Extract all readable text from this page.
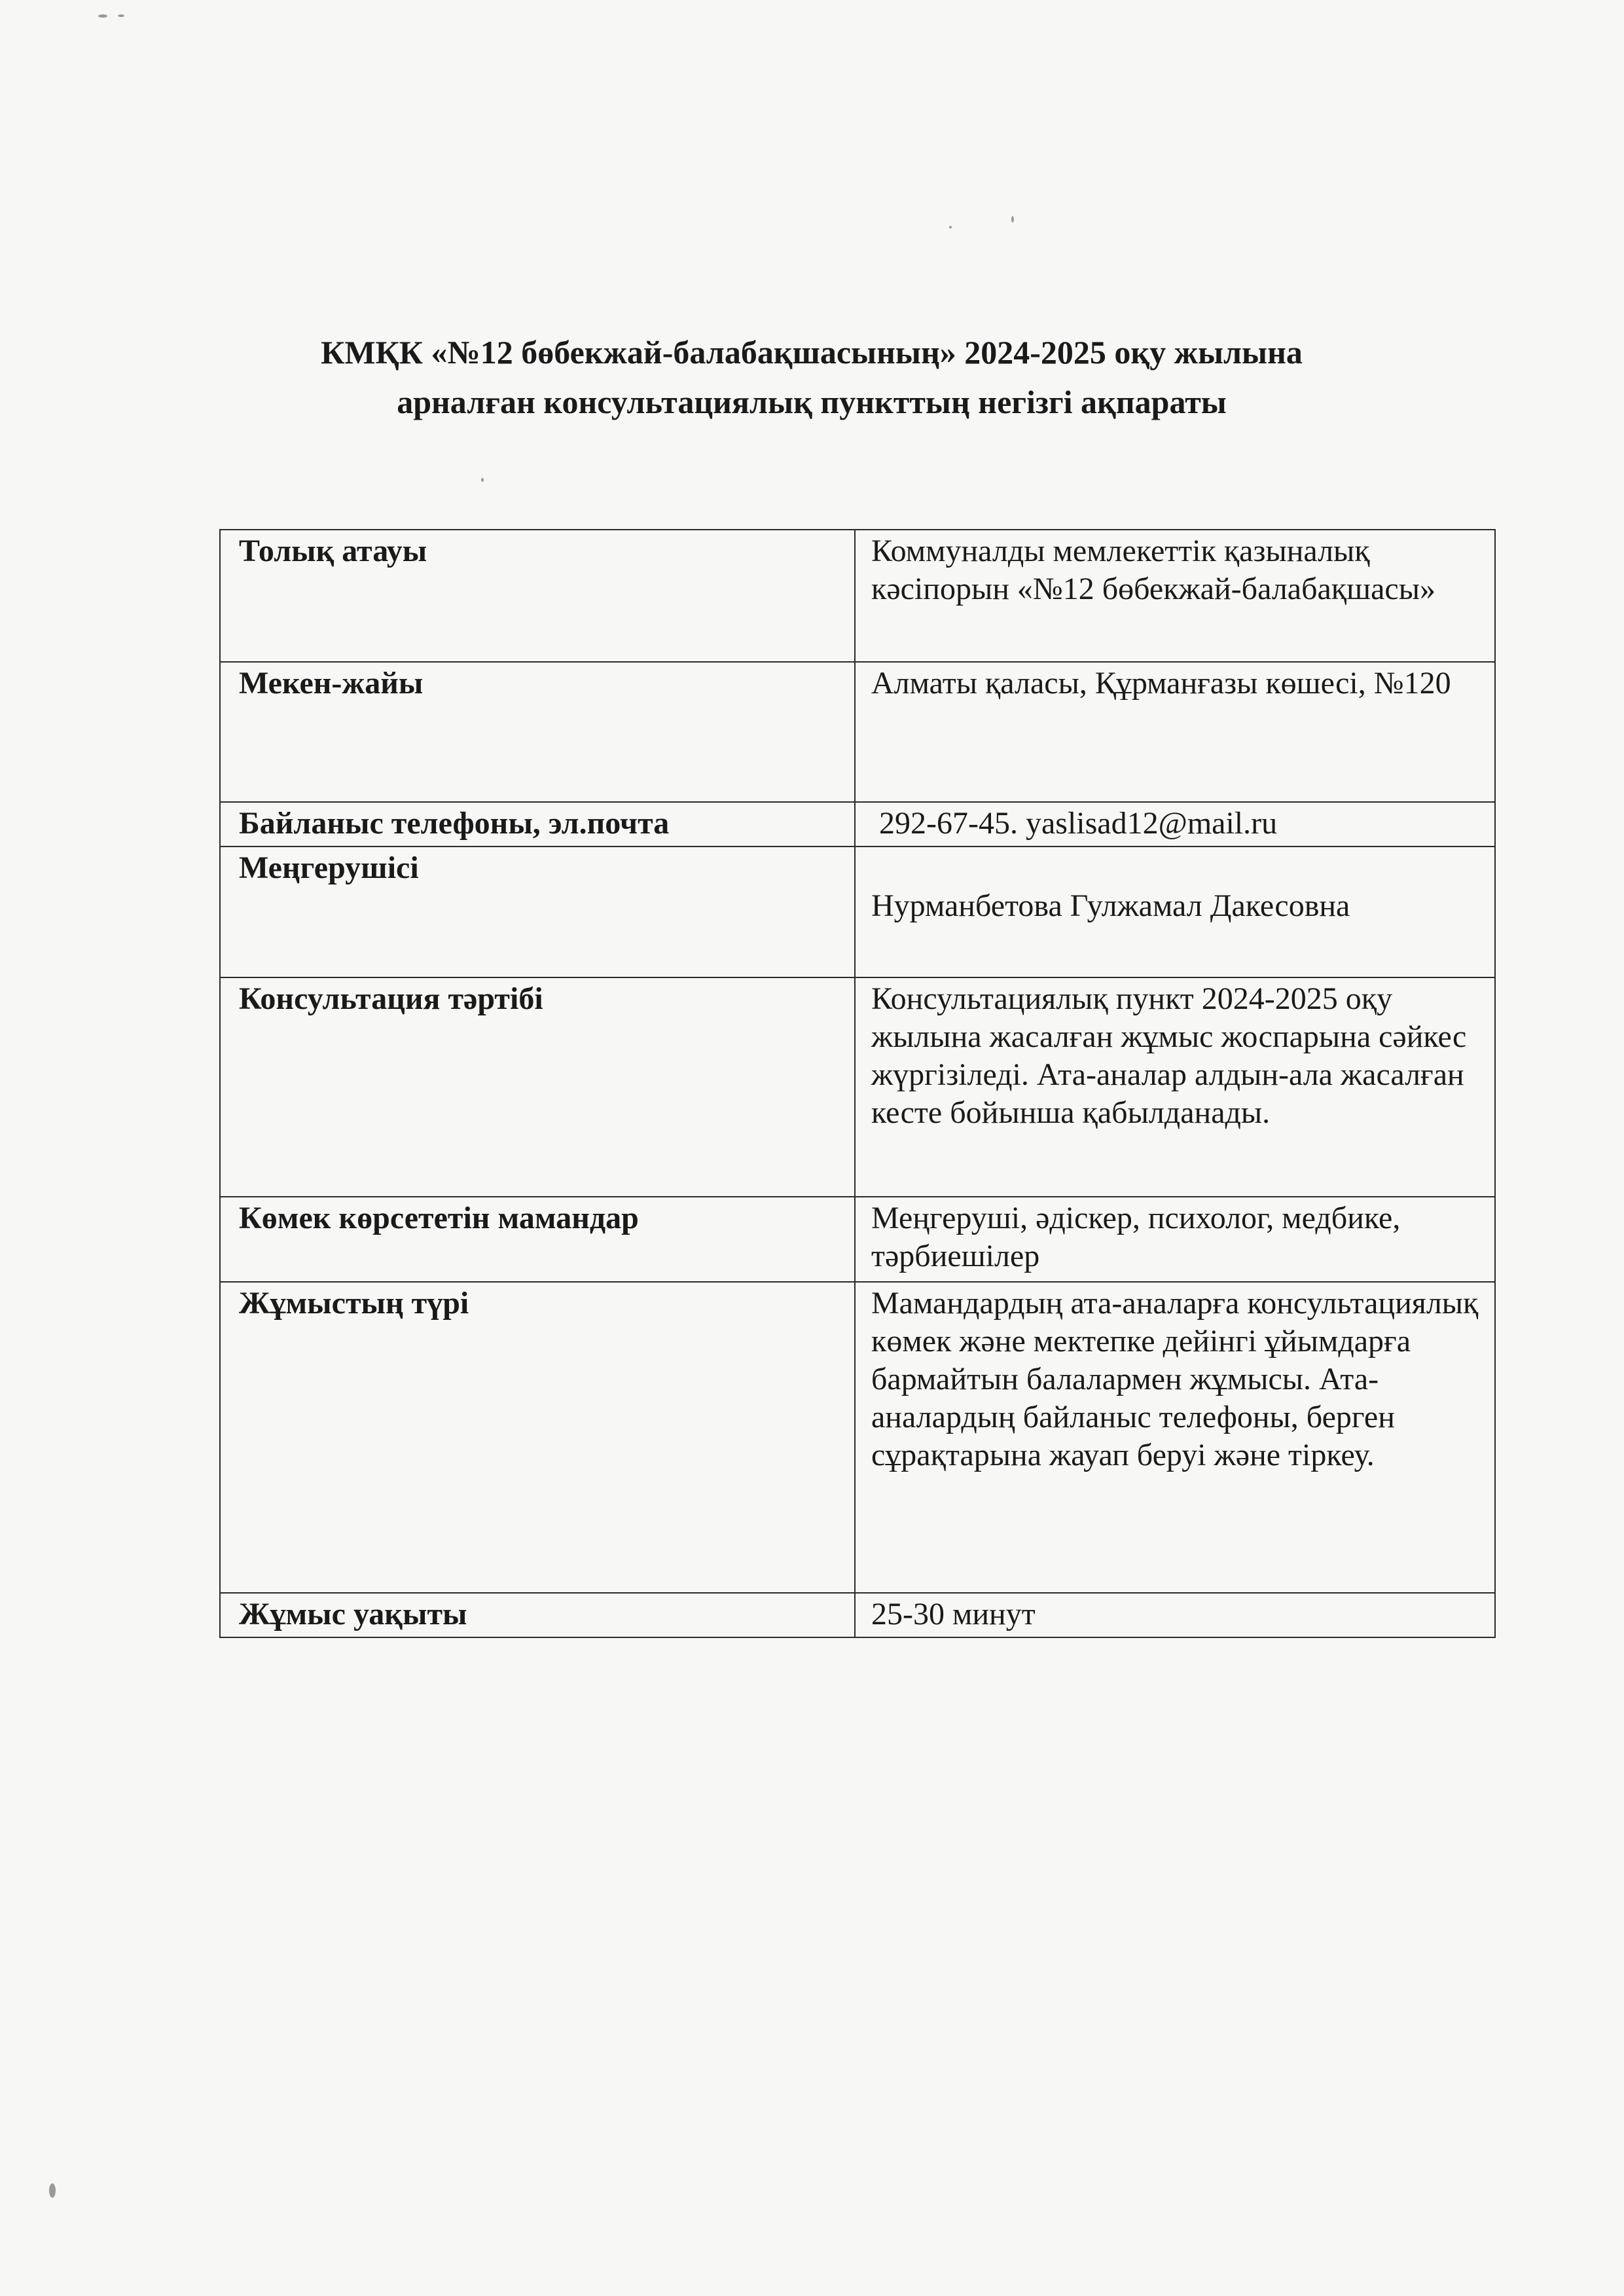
КМҚК «№12 бөбекжай-балабақшасының» 2024-2025 оқу жылына
арналған консультациялық пункттың негізгі ақпараты
Толық атауы	Коммуналды мемлекеттік қазыналық кәсіпорын «№12 бөбекжай-балабақшасы»
Мекен-жайы	Алматы қаласы, Құрманғазы көшесі, №120
Байланыс телефоны, эл.почта	292-67-45. yaslisad12@mail.ru
Меңгерушісі	Нурманбетова Гулжамал Дакесовна

Консультация тәртібі	Консультациялық пункт 2024-2025 оқу жылына жасалған жұмыс жоспарына сәйкес жүргізіледі. Ата-аналар алдын-ала жасалған кесте бойынша қабылданады.
Көмек көрсететін мамандар	Меңгеруші, әдіскер, психолог, медбике, тәрбиешілер
Жұмыстың түрі	Мамандардың ата-аналарға консультациялық көмек және мектепке дейінгі ұйымдарға бармайтын балалармен жұмысы. Ата-аналардың байланыс телефоны, берген сұрақтарына жауап беруі және тіркеу.
Жұмыс уақыты	25-30 минут
